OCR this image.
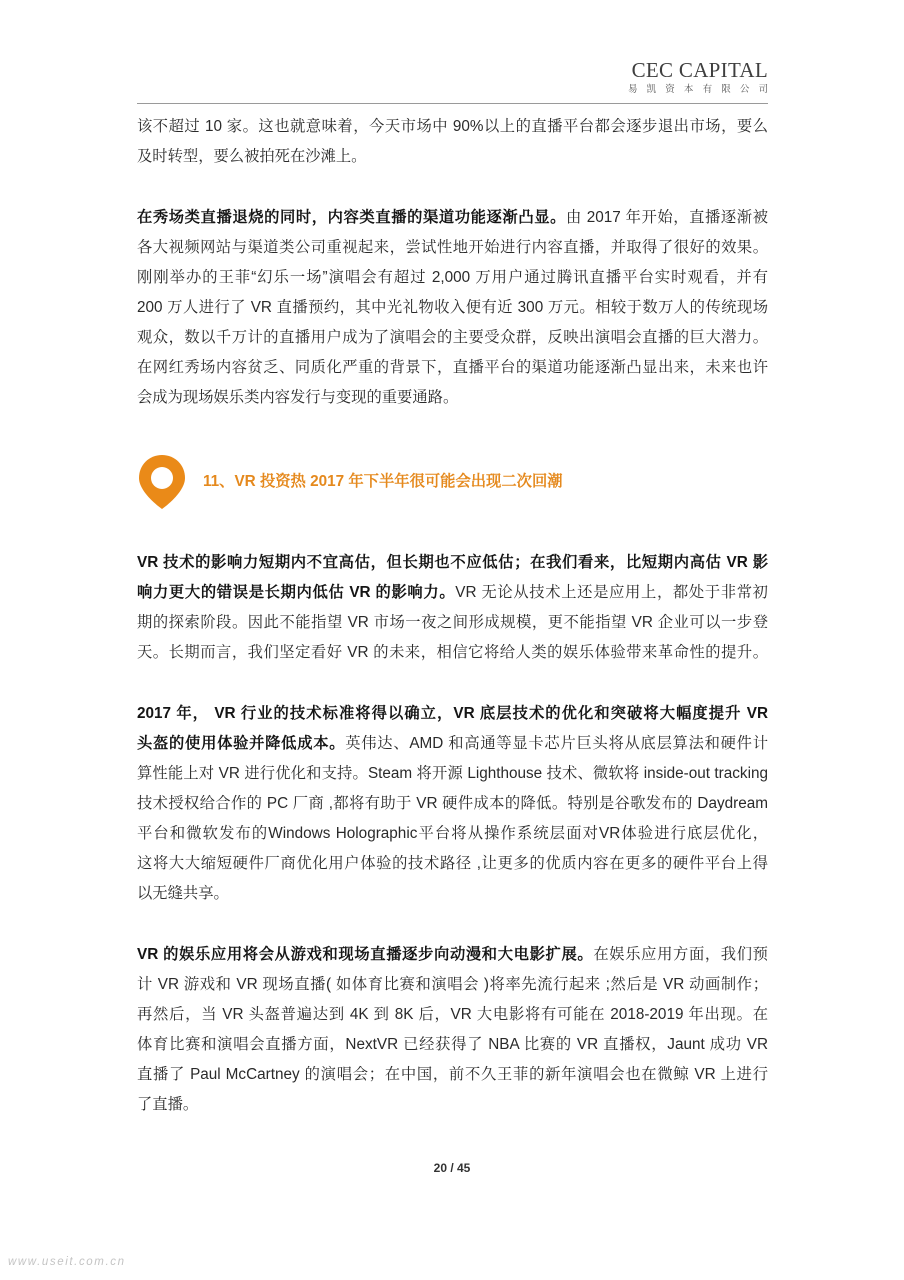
CEC CAPITAL
易凯资本有限公司
该不超过 10 家。这也就意味着，今天市场中 90%以上的直播平台都会逐步退出市场，要么
及时转型，要么被拍死在沙滩上。
在秀场类直播退烧的同时，内容类直播的渠道功能逐渐凸显。由 2017 年开始，直播逐渐被
各大视频网站与渠道类公司重视起来，尝试性地开始进行内容直播，并取得了很好的效果。
刚刚举办的王菲“幻乐一场”演唱会有超过 2,000 万用户通过腾讯直播平台实时观看，并有
200 万人进行了 VR 直播预约，其中光礼物收入便有近 300 万元。相较于数万人的传统现场
观众，数以千万计的直播用户成为了演唱会的主要受众群，反映出演唱会直播的巨大潜力。
在网红秀场内容贫乏、同质化严重的背景下，直播平台的渠道功能逐渐凸显出来，未来也许
会成为现场娱乐类内容发行与变现的重要通路。
11、VR 投资热 2017 年下半年很可能会出现二次回潮
VR 技术的影响力短期内不宜高估，但长期也不应低估；在我们看来，比短期内高估 VR 影
响力更大的错误是长期内低估 VR 的影响力。VR 无论从技术上还是应用上，都处于非常初
期的探索阶段。因此不能指望 VR 市场一夜之间形成规模，更不能指望 VR 企业可以一步登
天。长期而言，我们坚定看好 VR 的未来，相信它将给人类的娱乐体验带来革命性的提升。
2017 年， VR 行业的技术标准将得以确立，VR 底层技术的优化和突破将大幅度提升 VR
头盔的使用体验并降低成本。英伟达、AMD 和高通等显卡芯片巨头将从底层算法和硬件计
算性能上对 VR 进行优化和支持。Steam 将开源 Lighthouse 技术、微软将 inside-out tracking
技术授权给合作的 PC 厂商 ,都将有助于 VR 硬件成本的降低。特别是谷歌发布的 Daydream
平台和微软发布的Windows Holographic平台将从操作系统层面对VR体验进行底层优化，
这将大大缩短硬件厂商优化用户体验的技术路径 ,让更多的优质内容在更多的硬件平台上得
以无缝共享。
VR 的娱乐应用将会从游戏和现场直播逐步向动漫和大电影扩展。在娱乐应用方面，我们预
计 VR 游戏和 VR 现场直播( 如体育比赛和演唱会 )将率先流行起来 ;然后是 VR 动画制作；
再然后，当 VR 头盔普遍达到 4K 到 8K 后，VR 大电影将有可能在 2018-2019 年出现。在
体育比赛和演唱会直播方面，NextVR 已经获得了 NBA 比赛的 VR 直播权，Jaunt 成功 VR
直播了 Paul McCartney 的演唱会；在中国，前不久王菲的新年演唱会也在微鲸 VR 上进行
了直播。
20 / 45
www.useit.com.cn
